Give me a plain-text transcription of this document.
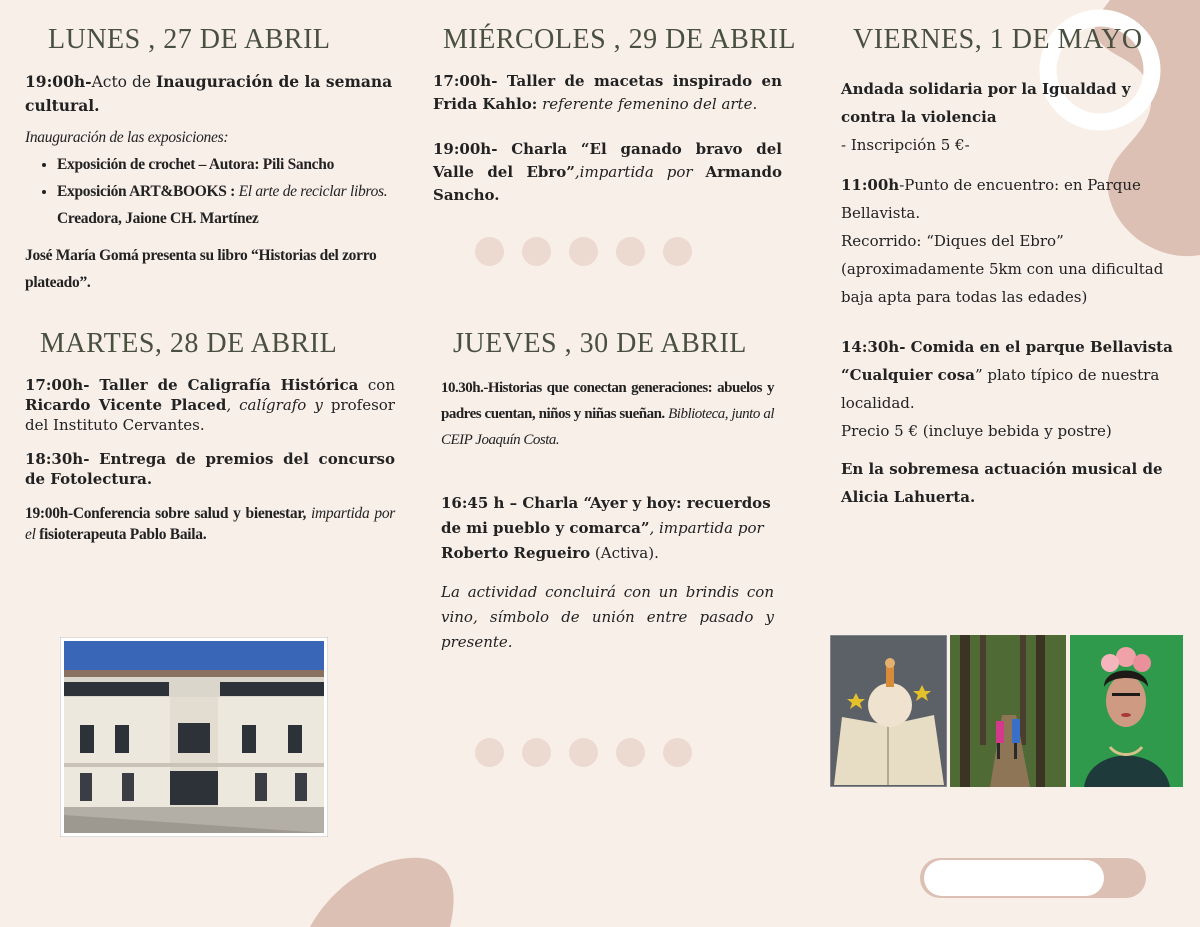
LUNES , 27 DE ABRIL
19:00h-Acto de Inauguración de la semana cultural.
Inauguración de las exposiciones:
• Exposición de crochet – Autora: Pili Sancho
• Exposición ART&BOOKS : El arte de reciclar libros. Creadora, Jaione CH. Martínez
José María Gomá presenta su libro “Historias del zorro plateado”.
MARTES, 28 DE ABRIL
17:00h- Taller de Caligrafía Histórica con Ricardo Vicente Placed, calígrafo y profesor del Instituto Cervantes.
18:30h- Entrega de premios del concurso de Fotolectura.
19:00h-Conferencia sobre salud y bienestar, impartida por el fisioterapeuta Pablo Baila.
MIÉRCOLES , 29 DE ABRIL
17:00h- Taller de macetas inspirado en Frida Kahlo: referente femenino del arte.
19:00h- Charla “El ganado bravo del Valle del Ebro”,impartida por Armando Sancho.
JUEVES , 30 DE ABRIL
10.30h.-Historias que conectan generaciones: abuelos y padres cuentan, niños y niñas sueñan. Biblioteca, junto al CEIP Joaquín Costa.
16:45 h – Charla “Ayer y hoy: recuerdos de mi pueblo y comarca”, impartida por Roberto Regueiro (Activa).
La actividad concluirá con un brindis con vino, símbolo de unión entre pasado y presente.
VIERNES, 1 DE MAYO
Andada solidaria por la Igualdad y contra la violencia
- Inscripción 5 €-
11:00h-Punto de encuentro: en Parque Bellavista.
Recorrido: “Diques del Ebro”
(aproximadamente 5km con una dificultad baja apta para todas las edades)
14:30h- Comida en el parque Bellavista
“Cualquier cosa” plato típico de nuestra localidad.
Precio 5 € (incluye bebida y postre)
En la sobremesa actuación musical de Alicia Lahuerta.
